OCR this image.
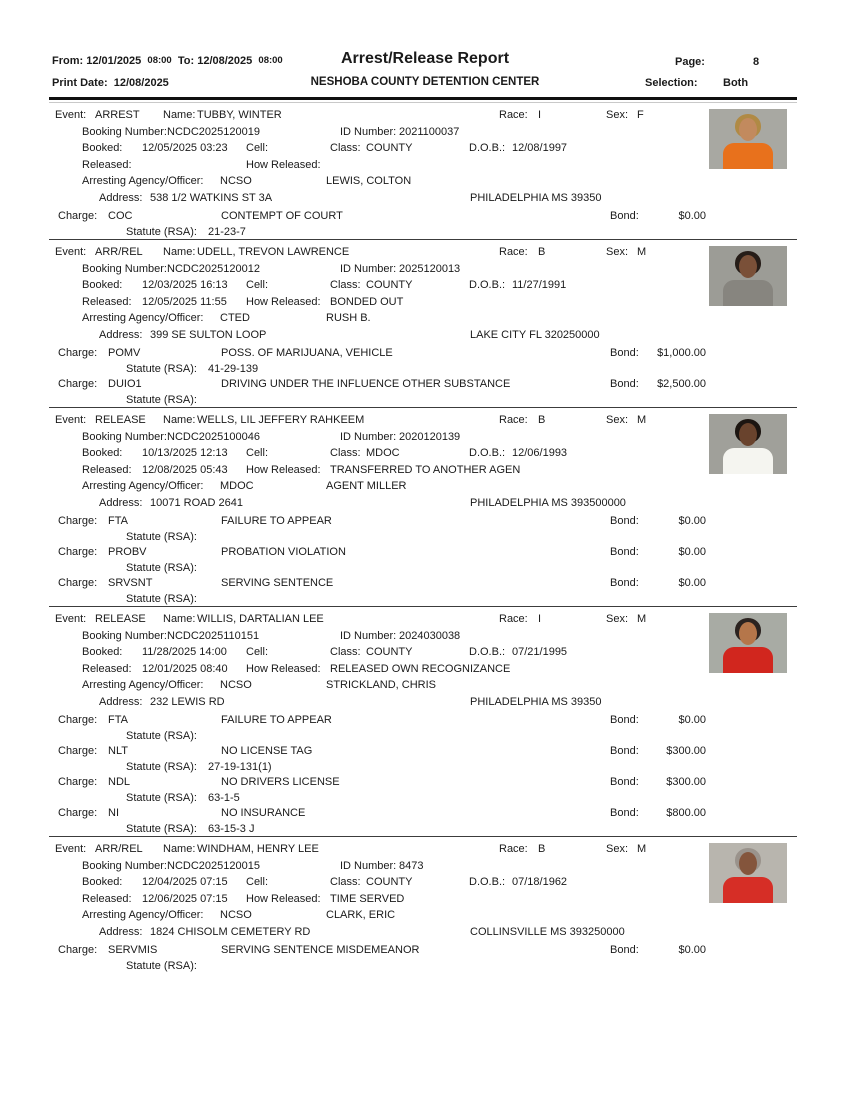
From: 12/01/2025 08:00 To: 12/08/2025 08:00	Arrest/Release Report	Page:	8
Print Date: 12/08/2025	NESHOBA COUNTY DETENTION CENTER	Selection: Both
Event: ARREST Name: TUBBY, WINTER	Race: I	Sex: F
Booking Number: NCDC2025120019	ID Number: 2021100037
Booked: 12/05/2025 03:23 Cell:	Class: COUNTY	D.O.B.: 12/08/1997
Released:	How Released:
Arresting Agency/Officer: NCSO	LEWIS, COLTON
Address: 538 1/2 WATKINS ST 3A	PHILADELPHIA MS 39350
Charge: COC	CONTEMPT OF COURT	Bond:	$0.00
Statute (RSA): 21-23-7
Event: ARR/REL Name: UDELL, TREVON LAWRENCE	Race: B	Sex: M
Booking Number: NCDC2025120012	ID Number: 2025120013
Booked: 12/03/2025 16:13 Cell:	Class: COUNTY	D.O.B.: 11/27/1991
Released: 12/05/2025 11:55 How Released: BONDED OUT
Arresting Agency/Officer: CTED	RUSH B.
Address: 399 SE SULTON LOOP	LAKE CITY FL 320250000
Charge: POMV	POSS. OF MARIJUANA, VEHICLE	Bond:	$1,000.00
Statute (RSA): 41-29-139
Charge: DUIO1	DRIVING UNDER THE INFLUENCE OTHER SUBSTANCE	Bond:	$2,500.00
Statute (RSA):
Event: RELEASE Name: WELLS, LIL JEFFERY RAHKEEM	Race: B	Sex: M
Booking Number: NCDC2025100046	ID Number: 2020120139
Booked: 10/13/2025 12:13 Cell:	Class: MDOC	D.O.B.: 12/06/1993
Released: 12/08/2025 05:43 How Released: TRANSFERRED TO ANOTHER AGEN
Arresting Agency/Officer: MDOC	AGENT MILLER
Address: 10071 ROAD 2641	PHILADELPHIA MS 393500000
Charge: FTA	FAILURE TO APPEAR	Bond:	$0.00
Statute (RSA):
Charge: PROBV	PROBATION VIOLATION	Bond:	$0.00
Statute (RSA):
Charge: SRVSNT	SERVING SENTENCE	Bond:	$0.00
Statute (RSA):
Event: RELEASE Name: WILLIS, DARTALIAN LEE	Race: I	Sex: M
Booking Number: NCDC2025110151	ID Number: 2024030038
Booked: 11/28/2025 14:00 Cell:	Class: COUNTY	D.O.B.: 07/21/1995
Released: 12/01/2025 08:40 How Released: RELEASED OWN RECOGNIZANCE
Arresting Agency/Officer: NCSO	STRICKLAND, CHRIS
Address: 232 LEWIS RD	PHILADELPHIA MS 39350
Charge: FTA	FAILURE TO APPEAR	Bond:	$0.00
Statute (RSA):
Charge: NLT	NO LICENSE TAG	Bond:	$300.00
Statute (RSA): 27-19-131(1)
Charge: NDL	NO DRIVERS LICENSE	Bond:	$300.00
Statute (RSA): 63-1-5
Charge: NI	NO INSURANCE	Bond:	$800.00
Statute (RSA): 63-15-3 J
Event: ARR/REL Name: WINDHAM, HENRY LEE	Race: B	Sex: M
Booking Number: NCDC2025120015	ID Number: 8473
Booked: 12/04/2025 07:15 Cell:	Class: COUNTY	D.O.B.: 07/18/1962
Released: 12/06/2025 07:15 How Released: TIME SERVED
Arresting Agency/Officer: NCSO	CLARK, ERIC
Address: 1824 CHISOLM CEMETERY RD	COLLINSVILLE MS 393250000
Charge: SERVMIS	SERVING SENTENCE MISDEMEANOR	Bond:	$0.00
Statute (RSA):
